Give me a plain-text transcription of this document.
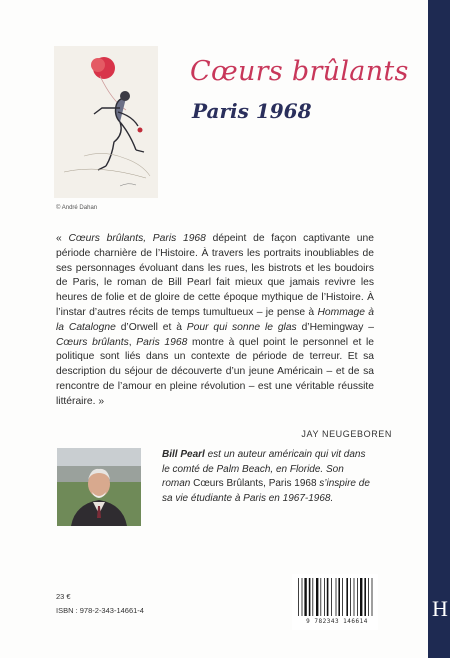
H
© André Dahan
Cœurs brûlants
Paris 1968

« Cœurs brûlants, Paris 1968 dépeint de façon captivante une période charnière de l’Histoire. À travers les portraits inoubliables de ses personnages évoluant dans les rues, les bistrots et les boudoirs de Paris, le roman de Bill Pearl fait mieux que jamais revivre les heures de folie et de gloire de cette époque mythique de l’Histoire. À l’instar d’autres récits de temps tumultueux – je pense à Hommage à la Catalogne d’Orwell et à Pour qui sonne le glas d’Hemingway – Cœurs brûlants, Paris 1968 montre à quel point le personnel et le politique sont liés dans un contexte de période de terreur. Et sa description du séjour de découverte d’un jeune Américain – et de sa rencontre de l’amour en pleine révolution – est une véritable réussite littéraire. »

JAY NEUGEBOREN

Bill Pearl est un auteur américain qui vit dans le comté de Palm Beach, en Floride. Son roman Cœurs Brûlants, Paris 1968 s’inspire de sa vie étudiante à Paris en 1967-1968.

23 €
ISBN : 978-2-343-14661-4
9 782343 146614
